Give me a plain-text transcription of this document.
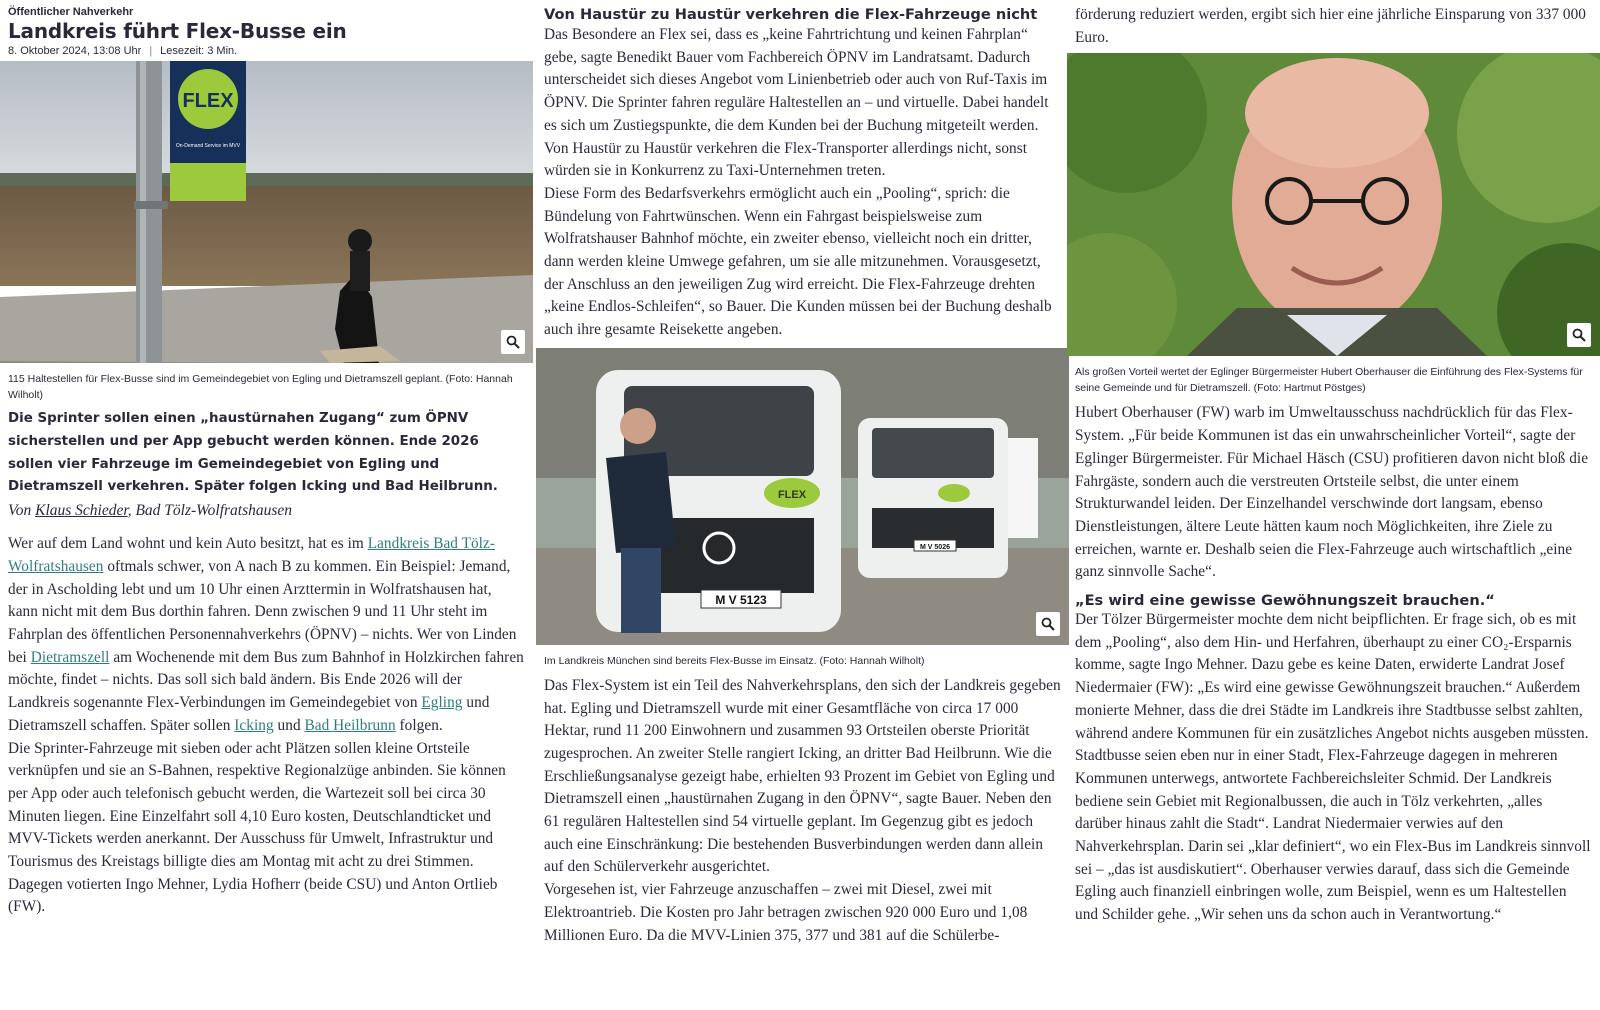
Öffentlicher Nahverkehr
Landkreis führt Flex-Busse ein
8. Oktober 2024, 13:08 Uhr | Lesezeit: 3 Min.
FLEX
On-Demand Service im MVV
115 Haltestellen für Flex-Busse sind im Gemeindegebiet von Egling und Dietramszell geplant. (Foto: Hannah Wilholt)
Die Sprinter sollen einen „haustürnahen Zugang“ zum ÖPNV sicherstellen und per App gebucht werden können. Ende 2026 sollen vier Fahrzeuge im Gemeindegebiet von Egling und Dietramszell verkehren. Später folgen Icking und Bad Heilbrunn.
Von Klaus Schieder, Bad Tölz-Wolfratshausen

Wer auf dem Land wohnt und kein Auto besitzt, hat es im Landkreis Bad Tölz-Wolfratshausen oftmals schwer, von A nach B zu kommen. Ein Beispiel: Jemand, der in Ascholding lebt und um 10 Uhr einen Arzttermin in Wolfratshausen hat, kann nicht mit dem Bus dorthin fahren. Denn zwischen 9 und 11 Uhr steht im Fahrplan des öffentlichen Personennahverkehrs (ÖPNV) – nichts. Wer von Linden bei Dietramszell am Wochenende mit dem Bus zum Bahnhof in Holzkirchen fahren möchte, findet – nichts. Das soll sich bald ändern. Bis Ende 2026 will der Landkreis sogenannte Flex-Verbindungen im Gemeindegebiet von Egling und Dietramszell schaffen. Später sollen Icking und Bad Heilbrunn folgen.

Die Sprinter-Fahrzeuge mit sieben oder acht Plätzen sollen kleine Ortsteile verknüpfen und sie an S-Bahnen, respektive Regionalzüge anbinden. Sie können per App oder auch telefonisch gebucht werden, die Wartezeit soll bei circa 30 Minuten liegen. Eine Einzelfahrt soll 4,10 Euro kosten, Deutschlandticket und MVV-Tickets werden anerkannt. Der Ausschuss für Umwelt, Infrastruktur und Tourismus des Kreistags billigte dies am Montag mit acht zu drei Stimmen. Dagegen votierten Ingo Mehner, Lydia Hofherr (beide CSU) und Anton Ortlieb (FW).

Von Haustür zu Haustür verkehren die Flex-Fahrzeuge nicht

Das Besondere an Flex sei, dass es „keine Fahrtrichtung und keinen Fahrplan“ gebe, sagte Benedikt Bauer vom Fachbereich ÖPNV im Landratsamt. Dadurch unterscheidet sich dieses Angebot vom Linienbetrieb oder auch von Ruf-Taxis im ÖPNV. Die Sprinter fahren reguläre Haltestellen an – und virtuelle. Dabei handelt es sich um Zustiegspunkte, die dem Kunden bei der Buchung mitgeteilt werden. Von Haustür zu Haustür verkehren die Flex-Transporter allerdings nicht, sonst würden sie in Konkurrenz zu Taxi-Unternehmen treten.

Diese Form des Bedarfsverkehrs ermöglicht auch ein „Pooling“, sprich: die Bündelung von Fahrtwünschen. Wenn ein Fahrgast beispielsweise zum Wolfratshauser Bahnhof möchte, ein zweiter ebenso, vielleicht noch ein dritter, dann werden kleine Umwege gefahren, um sie alle mitzunehmen. Vorausgesetzt, der Anschluss an den jeweiligen Zug wird erreicht. Die Flex-Fahrzeuge drehten „keine Endlos-Schleifen“, so Bauer. Die Kunden müssen bei der Buchung deshalb auch ihre gesamte Reisekette angeben.

FLEX
M V 5123
M V 5026
Im Landkreis München sind bereits Flex-Busse im Einsatz. (Foto: Hannah Wilholt)

Das Flex-System ist ein Teil des Nahverkehrsplans, den sich der Landkreis gegeben hat. Egling und Dietramszell wurde mit einer Gesamtfläche von circa 17 000 Hektar, rund 11 200 Einwohnern und zusammen 93 Ortsteilen oberste Priorität zugesprochen. An zweiter Stelle rangiert Icking, an dritter Bad Heilbrunn. Wie die Erschließungsanalyse gezeigt habe, erhielten 93 Prozent im Gebiet von Egling und Dietramszell einen „haustürnahen Zugang in den ÖPNV“, sagte Bauer. Neben den 61 regulären Haltestellen sind 54 virtuelle geplant. Im Gegenzug gibt es jedoch auch eine Einschränkung: Die bestehenden Busverbindungen werden dann allein auf den Schülerverkehr ausgerichtet.

Vorgesehen ist, vier Fahrzeuge anzuschaffen – zwei mit Diesel, zwei mit Elektroantrieb. Die Kosten pro Jahr betragen zwischen 920 000 Euro und 1,08 Millionen Euro. Da die MVV-Linien 375, 377 und 381 auf die Schülerbe-

förderung reduziert werden, ergibt sich hier eine jährliche Einsparung von 337 000 Euro.

Als großen Vorteil wertet der Eglinger Bürgermeister Hubert Oberhauser die Einführung des Flex-Systems für seine Gemeinde und für Dietramszell. (Foto: Hartmut Pöstges)

Hubert Oberhauser (FW) warb im Umweltausschuss nachdrücklich für das Flex-System. „Für beide Kommunen ist das ein unwahrscheinlicher Vorteil“, sagte der Eglinger Bürgermeister. Für Michael Häsch (CSU) profitieren davon nicht bloß die Fahrgäste, sondern auch die verstreuten Ortsteile selbst, die unter einem Strukturwandel leiden. Der Einzelhandel verschwinde dort langsam, ebenso Dienstleistungen, ältere Leute hätten kaum noch Möglichkeiten, ihre Ziele zu erreichen, warnte er. Deshalb seien die Flex-Fahrzeuge auch wirtschaftlich „eine ganz sinnvolle Sache“.

„Es wird eine gewisse Gewöhnungszeit brauchen.“

Der Tölzer Bürgermeister mochte dem nicht beipflichten. Er frage sich, ob es mit dem „Pooling“, also dem Hin- und Herfahren, überhaupt zu einer CO₂-Ersparnis komme, sagte Ingo Mehner. Dazu gebe es keine Daten, erwiderte Landrat Josef Niedermaier (FW): „Es wird eine gewisse Gewöhnungszeit brauchen.“ Außerdem monierte Mehner, dass die drei Städte im Landkreis ihre Stadtbusse selbst zahlten, während andere Kommunen für ein zusätzliches Angebot nichts ausgeben müssten.

Stadtbusse seien eben nur in einer Stadt, Flex-Fahrzeuge dagegen in mehreren Kommunen unterwegs, antwortete Fachbereichsleiter Schmid. Der Landkreis bediene sein Gebiet mit Regionalbussen, die auch in Tölz verkehrten, „alles darüber hinaus zahlt die Stadt“. Landrat Niedermaier verwies auf den Nahverkehrsplan. Darin sei „klar definiert“, wo ein Flex-Bus im Landkreis sinnvoll sei – „das ist ausdiskutiert“. Oberhauser verwies darauf, dass sich die Gemeinde Egling auch finanziell einbringen wolle, zum Beispiel, wenn es um Haltestellen und Schilder gehe. „Wir sehen uns da schon auch in Verantwortung.“
